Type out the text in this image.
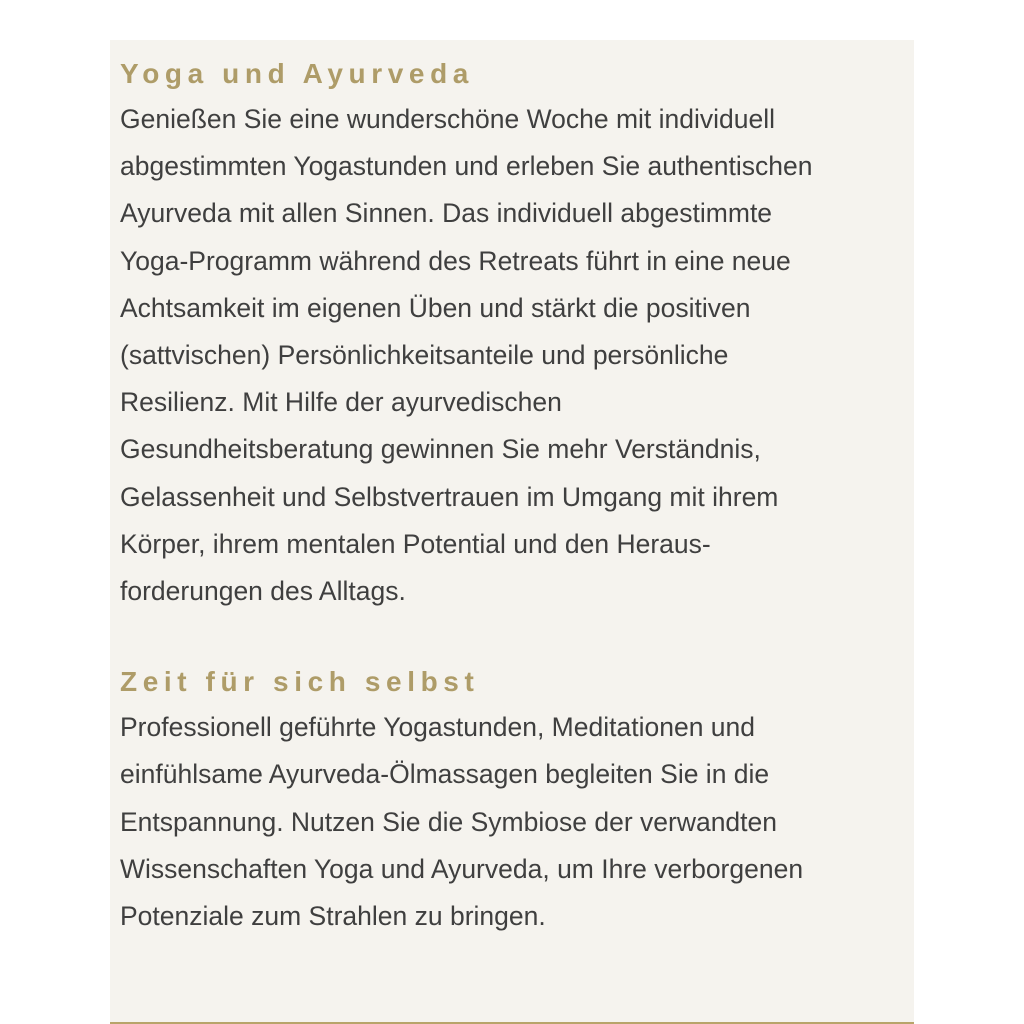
Yoga und Ayurveda

Genießen Sie eine wunderschöne Woche mit individuell
abgestimmten Yogastunden und erleben Sie authentischen
Ayurveda mit allen Sinnen. Das individuell abgestimmte
Yoga-Programm während des Retreats führt in eine neue
Achtsamkeit im eigenen Üben und stärkt die positiven
(sattvischen) Persönlichkeitsanteile und persönliche
Resilienz. Mit Hilfe der ayurvedischen
Gesundheitsberatung gewinnen Sie mehr Verständnis,
Gelassenheit und Selbstvertrauen im Umgang mit ihrem
Körper, ihrem mentalen Potential und den Heraus-
forderungen des Alltags.

Zeit für sich selbst

Professionell geführte Yogastunden, Meditationen und
einfühlsame Ayurveda-Ölmassagen begleiten Sie in die
Entspannung. Nutzen Sie die Symbiose der verwandten
Wissenschaften Yoga und Ayurveda, um Ihre verborgenen
Potenziale zum Strahlen zu bringen.
